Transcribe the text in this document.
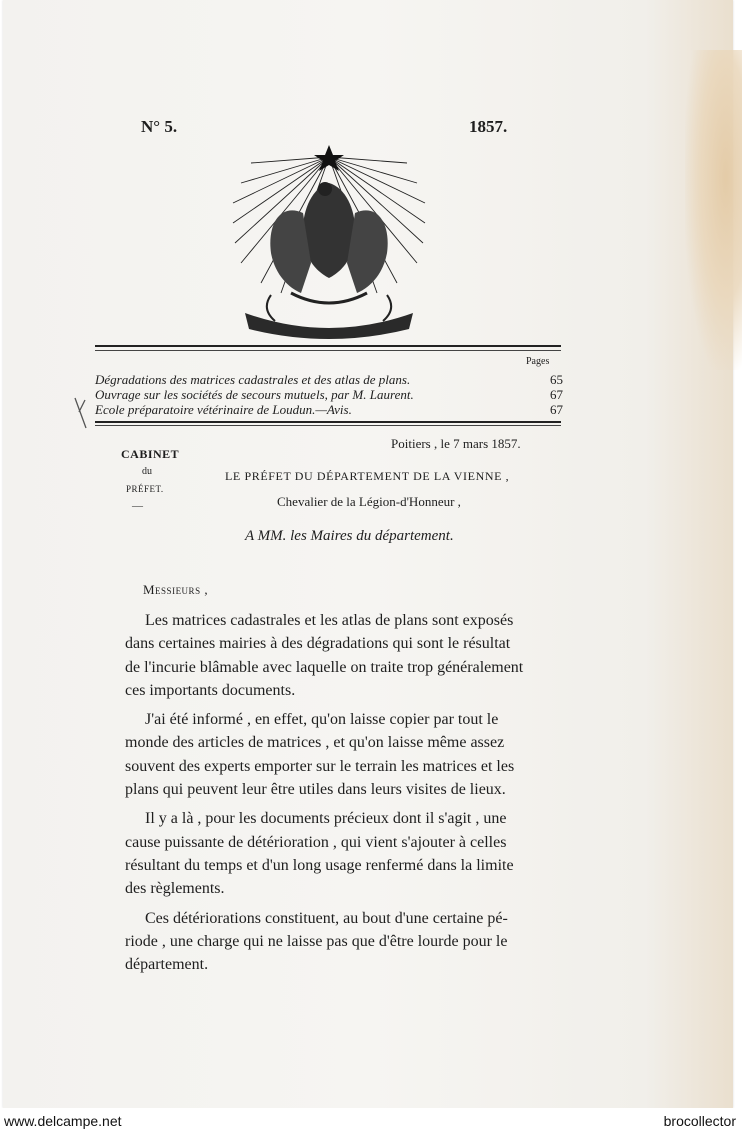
N° 5.	1857.
Pages
Dégradations des matrices cadastrales et des atlas de plans.	65
Ouvrage sur les sociétés de secours mutuels, par M. Laurent.	67
Ecole préparatoire vétérinaire de Loudun.—Avis.	67
Poitiers , le 7 mars 1857.
CABINET
du
PRÉFET.
—
LE PRÉFET DU DÉPARTEMENT DE LA VIENNE ,
Chevalier de la Légion-d'Honneur ,
A MM. les Maires du département.
Messieurs ,
Les matrices cadastrales et les atlas de plans sont exposés
dans certaines mairies à des dégradations qui sont le résultat
de l'incurie blâmable avec laquelle on traite trop généralement
ces importants documents.
J'ai été informé , en effet, qu'on laisse copier par tout le
monde des articles de matrices , et qu'on laisse même assez
souvent des experts emporter sur le terrain les matrices et les
plans qui peuvent leur être utiles dans leurs visites de lieux.
Il y a là , pour les documents précieux dont il s'agit , une
cause puissante de détérioration , qui vient s'ajouter à celles
résultant du temps et d'un long usage renfermé dans la limite
des règlements.
Ces détériorations constituent, au bout d'une certaine pé-
riode , une charge qui ne laisse pas que d'être lourde pour le
département.
www.delcampe.net	brocollector
